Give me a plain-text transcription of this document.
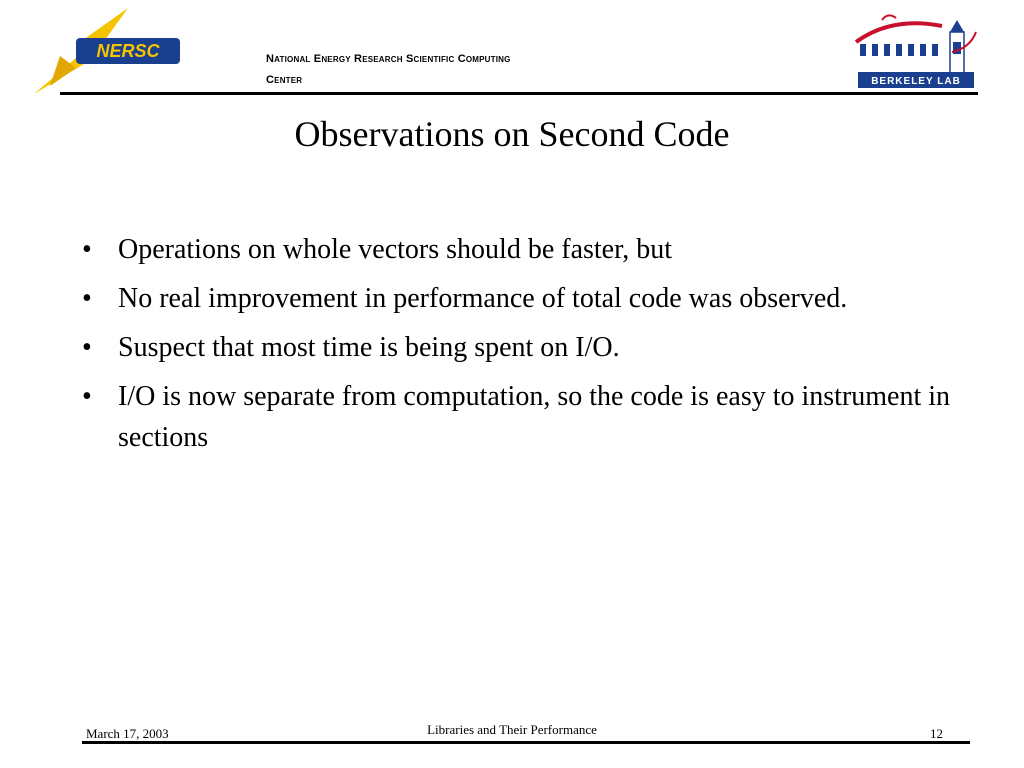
NERSC	national energy research scientific computing
center	BERKELEY LAB
Observations on Second Code
• Operations on whole vectors should be faster, but
• No real improvement in performance of total code was observed.
• Suspect that most time is being spent on I/O.
• I/O is now separate from computation, so the code is easy to instrument in sections
March 17, 2003	Libraries and Their Performance	12
